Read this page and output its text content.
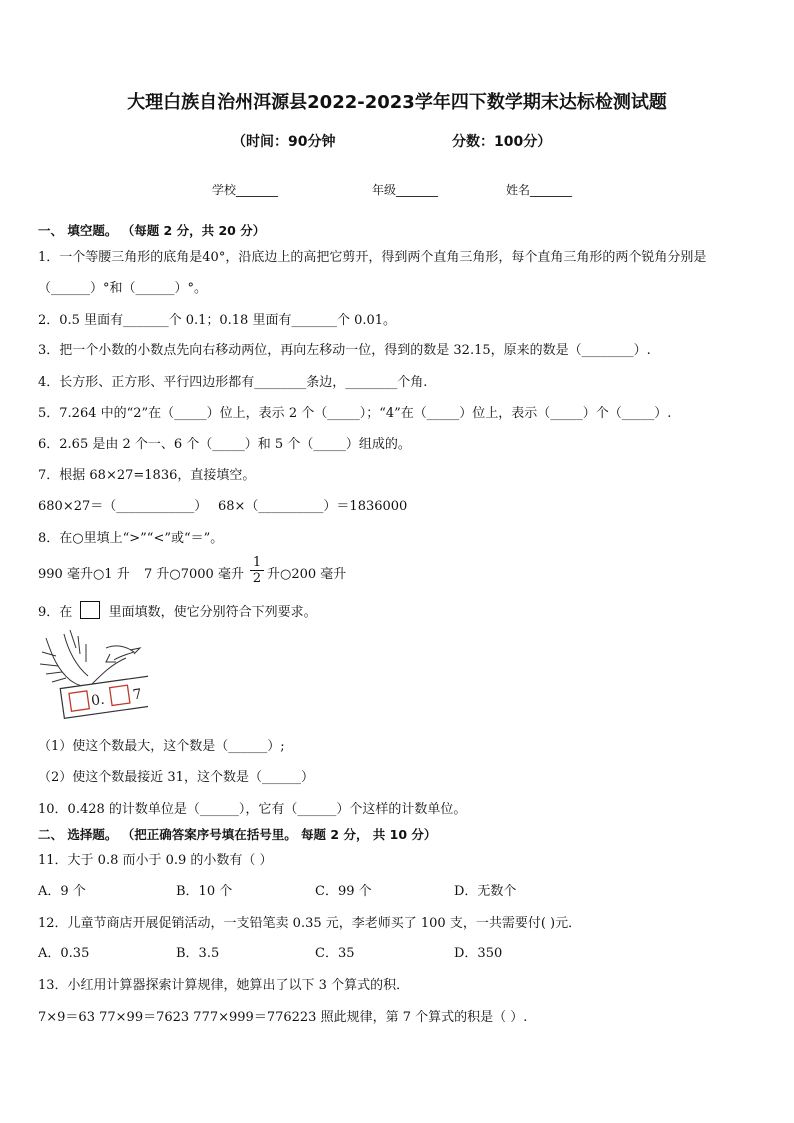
大理白族自治州洱源县2022-2023学年四下数学期末达标检测试题
（时间：90分钟	分数：100分）
学校_______	年级_______	姓名_______
一、 填空题。 （每题 2 分，共 20 分）
1．一个等腰三角形的底角是40°，沿底边上的高把它剪开，得到两个直角三角形，每个直角三角形的两个锐角分别是
（______）°和（______）°。
2．0.5 里面有_______个 0.1；0.18 里面有_______个 0.01。
3．把一个小数的小数点先向右移动两位，再向左移动一位，得到的数是 32.15，原来的数是（________）.
4．长方形、正方形、平行四边形都有________条边，________个角.
5．7.264 中的“2”在（_____）位上，表示 2 个（_____）；“4”在（_____）位上，表示（_____）个（_____）.
6．2.65 是由 2 个一、6 个（_____）和 5 个（_____）组成的。
7．根据 68×27=1836，直接填空。
680×27＝（____________） 68×（__________）＝1836000
8．在○里填上“>”“<”或“＝”。
990 毫升○1 升 7 升○7000 毫升 $\frac{1}{2}$ 升○200 毫升
9．在	里面填数，使它分别符合下列要求。
0. 7
（1）使这个数最大，这个数是（______）;
（2）使这个数最接近 31，这个数是（______）
10．0.428 的计数单位是（______），它有（______）个这样的计数单位。
二、 选择题。 （把正确答案序号填在括号里。 每题 2 分， 共 10 分）
11．大于 0.8 而小于 0.9 的小数有（ ）
A．9 个	B．10 个	C．99 个	D．无数个
12．儿童节商店开展促销活动，一支铅笔卖 0.35 元，李老师买了 100 支，一共需要付( )元．
A．0.35	B．3.5	C．35	D．350
13．小红用计算器探索计算规律，她算出了以下 3 个算式的积．
7×9＝63 77×99＝7623 777×999＝776223 照此规律，第 7 个算式的积是（ ）.
